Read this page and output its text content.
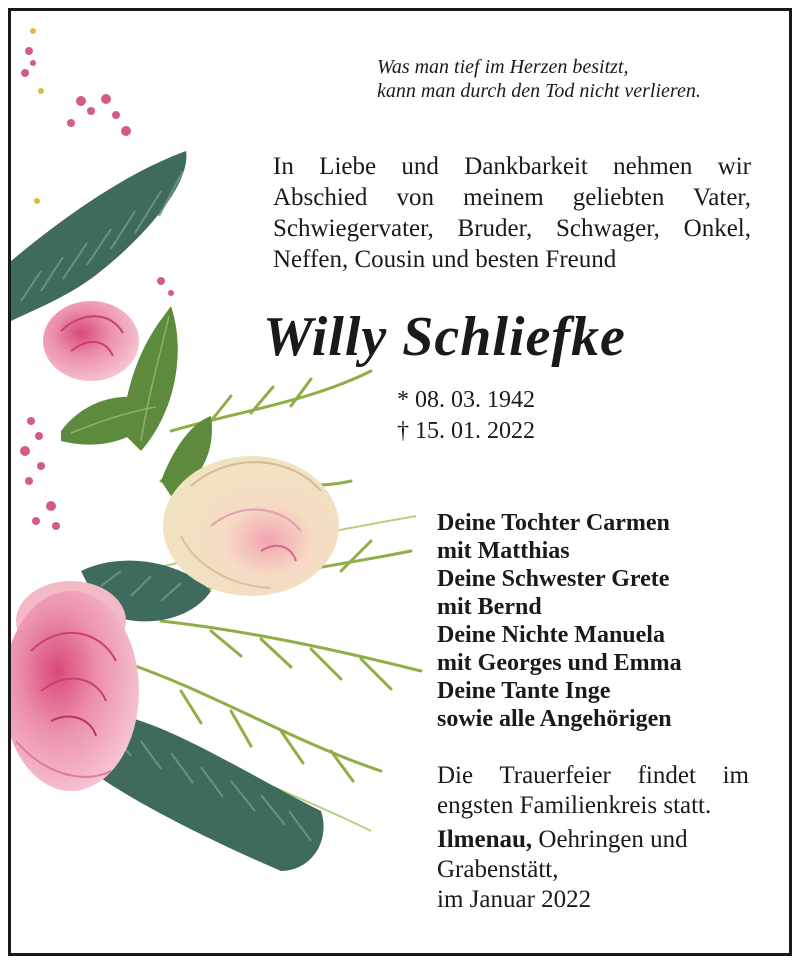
Was man tief im Herzen besitzt,
kann man durch den Tod nicht verlieren.
In Liebe und Dankbarkeit nehmen wir
Abschied von meinem geliebten Vater,
Schwiegervater, Bruder, Schwager, Onkel,
Neffen, Cousin und besten Freund
Willy Schliefke
* 08. 03. 1942
† 15. 01. 2022
Deine Tochter Carmen
mit Matthias
Deine Schwester Grete
mit Bernd
Deine Nichte Manuela
mit Georges und Emma
Deine Tante Inge
sowie alle Angehörigen
Die Trauerfeier findet im
engsten Familienkreis statt.
Ilmenau, Oehringen und
Grabenstätt,
im Januar 2022
